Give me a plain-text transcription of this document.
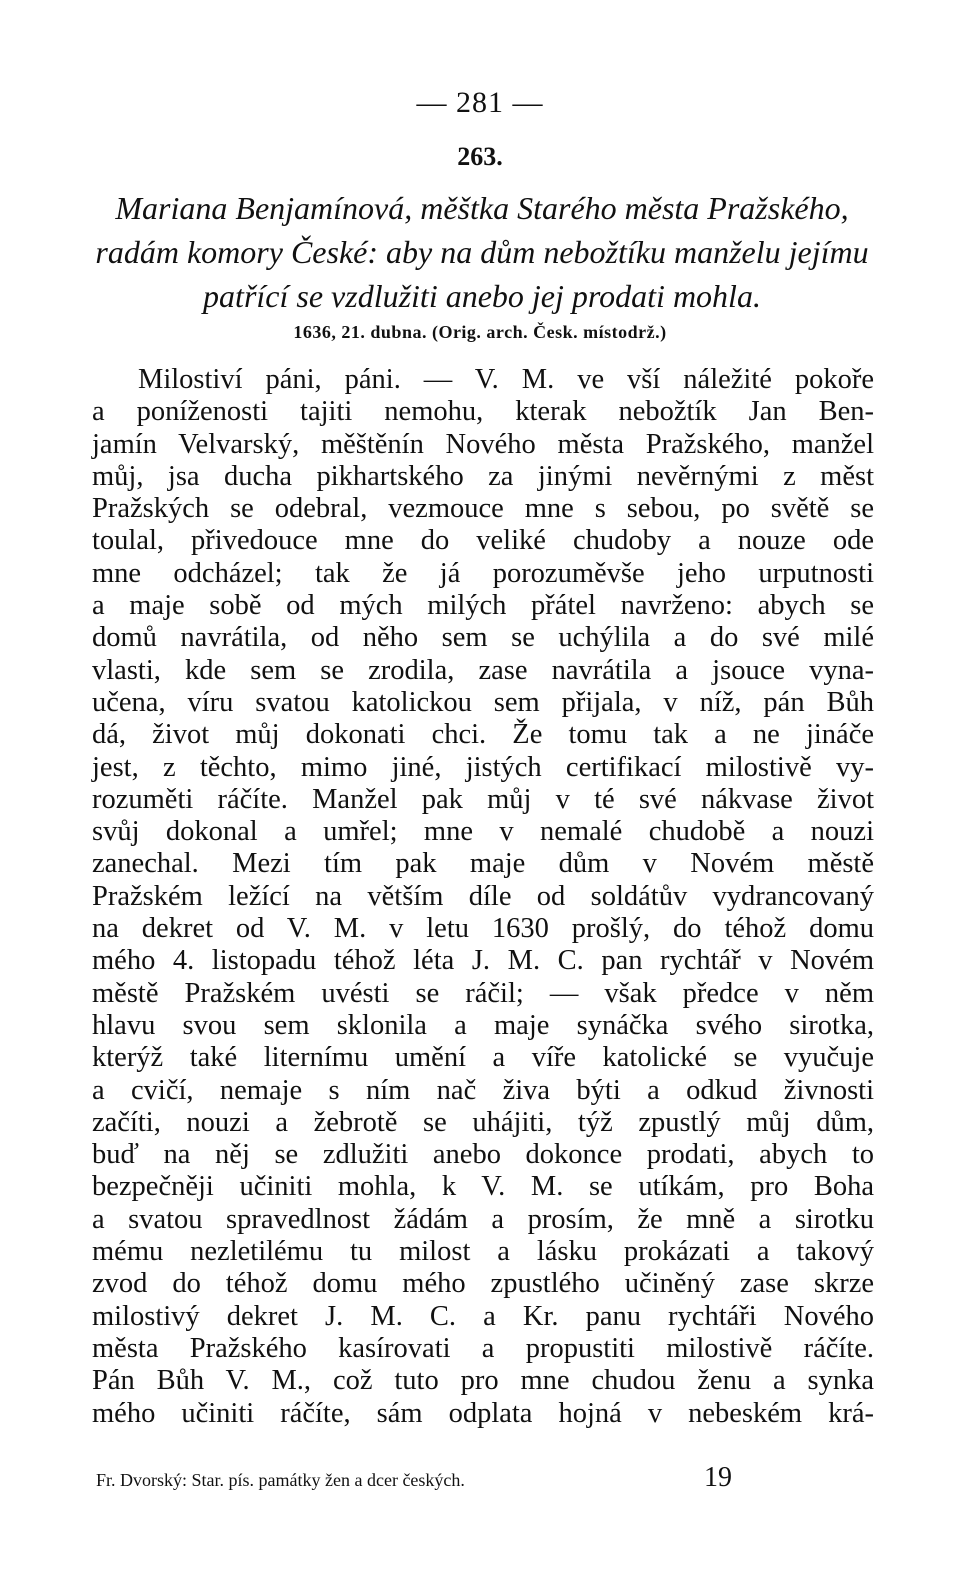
— 281 —
263.
Mariana Benjamínová, měštka Starého města Pražského,
radám komory České: aby na dům nebožtíku manželu jejímu
patřící se vzdlužiti anebo jej prodati mohla.
1636, 21. dubna. (Orig. arch. Česk. místodrž.)
Milostiví páni, páni. — V. M. ve vší náležité pokoře
a poníženosti tajiti nemohu, kterak nebožtík Jan Ben-
jamín Velvarský, měštěnín Nového města Pražského, manžel
můj, jsa ducha pikhartského za jinými nevěrnými z měst
Pražských se odebral, vezmouce mne s sebou, po světě se
toulal, přivedouce mne do veliké chudoby a nouze ode
mne odcházel; tak že já porozuměvše jeho urputnosti
a maje sobě od mých milých přátel navrženo: abych se
domů navrátila, od něho sem se uchýlila a do své milé
vlasti, kde sem se zrodila, zase navrátila a jsouce vyna-
učena, víru svatou katolickou sem přijala, v níž, pán Bůh
dá, život můj dokonati chci. Že tomu tak a ne jináče
jest, z těchto, mimo jiné, jistých certifikací milostivě vy-
rozuměti ráčíte. Manžel pak můj v té své nákvase život
svůj dokonal a umřel; mne v nemalé chudobě a nouzi
zanechal. Mezi tím pak maje dům v Novém městě
Pražském ležící na větším díle od soldátův vydrancovaný
na dekret od V. M. v letu 1630 prošlý, do téhož domu
mého 4. listopadu téhož léta J. M. C. pan rychtář v Novém
městě Pražském uvésti se ráčil; — však předce v něm
hlavu svou sem sklonila a maje synáčka svého sirotka,
kterýž také liternímu umění a víře katolické se vyučuje
a cvičí, nemaje s ním nač živa býti a odkud živnosti
začíti, nouzi a žebrotě se uhájiti, týž zpustlý můj dům,
buď na něj se zdlužiti anebo dokonce prodati, abych to
bezpečněji učiniti mohla, k V. M. se utíkám, pro Boha
a svatou spravedlnost žádám a prosím, že mně a sirotku
mému nezletilému tu milost a lásku prokázati a takový
zvod do téhož domu mého zpustlého učiněný zase skrze
milostivý dekret J. M. C. a Kr. panu rychtáři Nového
města Pražského kasírovati a propustiti milostivě ráčíte.
Pán Bůh V. M., což tuto pro mne chudou ženu a synka
mého učiniti ráčíte, sám odplata hojná v nebeském krá-
Fr. Dvorský: Star. pís. památky žen a dcer českých.	19
